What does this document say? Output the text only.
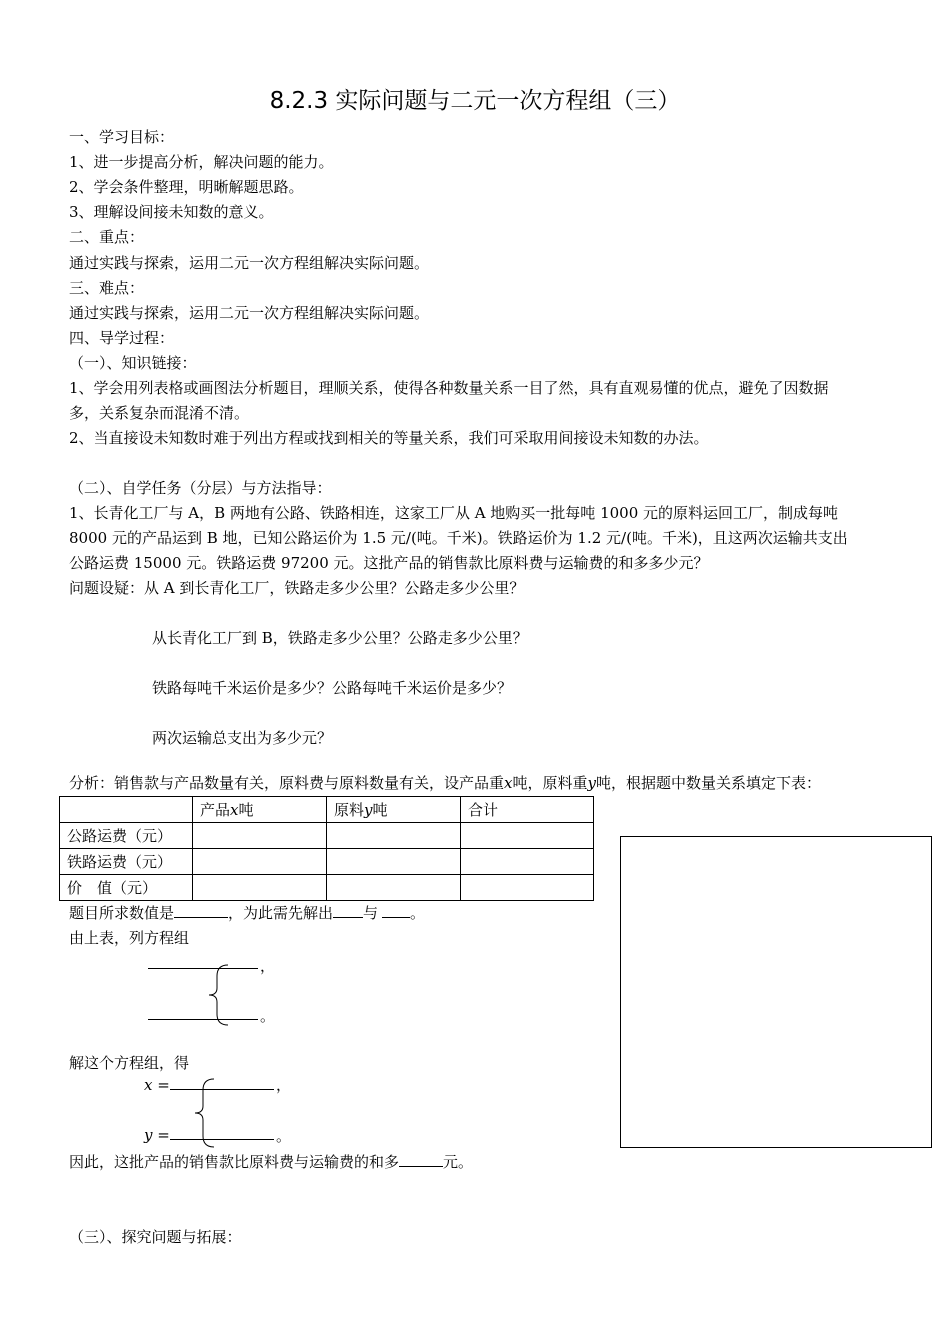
8.2.3 实际问题与二元一次方程组（三）
一、学习目标：
1、进一步提高分析，解决问题的能力。
2、学会条件整理，明晰解题思路。
3、理解设间接未知数的意义。
二、重点：
通过实践与探索，运用二元一次方程组解决实际问题。
三、难点：
通过实践与探索，运用二元一次方程组解决实际问题。
四、导学过程：
（一）、知识链接：
1、学会用列表格或画图法分析题目，理顺关系，使得各种数量关系一目了然，具有直观易懂的优点，避免了因数据
多，关系复杂而混淆不清。
2、当直接设未知数时难于列出方程或找到相关的等量关系，我们可采取用间接设未知数的办法。
（二）、自学任务（分层）与方法指导：
1、长青化工厂与 A，B 两地有公路、铁路相连，这家工厂从 A 地购买一批每吨 1000 元的原料运回工厂，制成每吨
8000 元的产品运到 B 地，已知公路运价为 1.5 元/(吨。千米)。铁路运价为 1.2 元/(吨。千米)，且这两次运输共支出
公路运费 15000 元。铁路运费 97200 元。这批产品的销售款比原料费与运输费的和多多少元？
问题设疑：从 A 到长青化工厂，铁路走多少公里？公路走多少公里？
从长青化工厂到 B，铁路走多少公里？公路走多少公里？
铁路每吨千米运价是多少？公路每吨千米运价是多少？
两次运输总支出为多少元？
分析：销售款与产品数量有关，原料费与原料数量有关，设产品重x吨，原料重y吨，根据题中数量关系填定下表：
	产品x吨	原料y吨	合计
公路运费（元）			
铁路运费（元）			
价　值（元）			
题目所求数值是	，为此需先解出 与 。
由上表，列方程组
，
。
解这个方程组，得
x =	，
y =	。
因此，这批产品的销售款比原料费与运输费的和多	元。
（三）、探究问题与拓展：
